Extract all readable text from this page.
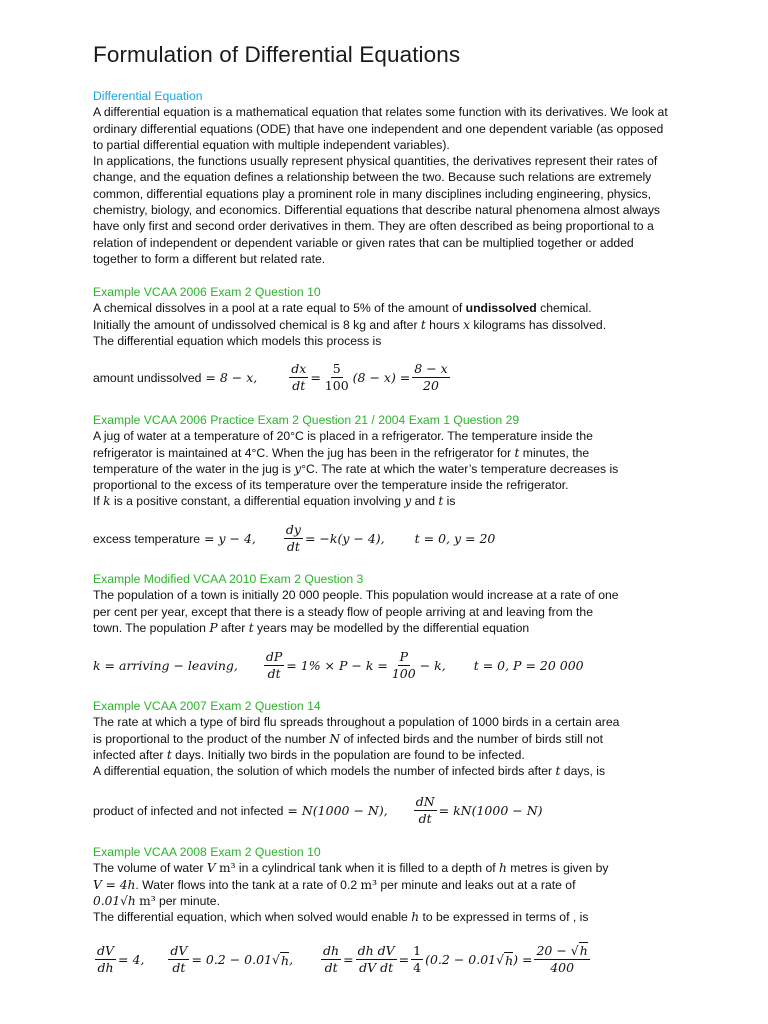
Formulation of Differential Equations

Differential Equation

A differential equation is a mathematical equation that relates some function with its derivatives. We look at ordinary differential equations (ODE) that have one independent and one dependent variable (as opposed to partial differential equation with multiple independent variables).

In applications, the functions usually represent physical quantities, the derivatives represent their rates of change, and the equation defines a relationship between the two. Because such relations are extremely common, differential equations play a prominent role in many disciplines including engineering, physics, chemistry, biology, and economics. Differential equations that describe natural phenomena almost always have only first and second order derivatives in them. They are often described as being proportional to a relation of independent or dependent variable or given rates that can be multiplied together or added together to form a different but related rate.

Example VCAA 2006 Exam 2 Question 10

A chemical dissolves in a pool at a rate equal to 5% of the amount of undissolved chemical.

Initially the amount of undissolved chemical is 8 kg and after t hours x kilograms has dissolved.

The differential equation which models this process is

amount undissolved = 8 − x,	$\frac{dx}{dt} = \frac{5}{100} (8 - x) = \frac{8 - x}{20}$

Example VCAA 2006 Practice Exam 2 Question 21 / 2004 Exam 1 Question 29

A jug of water at a temperature of 20°C is placed in a refrigerator. The temperature inside the

refrigerator is maintained at 4°C. When the jug has been in the refrigerator for t minutes, the

temperature of the water in the jug is y°C. The rate at which the water’s temperature decreases is

proportional to the excess of its temperature over the temperature inside the refrigerator.

If k is a positive constant, a differential equation involving y and t is

excess temperature = y − 4, $\frac{dy}{dt} = -k(y - 4)$, t = 0, y = 20

Example Modified VCAA 2010 Exam 2 Question 3

The population of a town is initially 20 000 people. This population would increase at a rate of one

per cent per year, except that there is a steady flow of people arriving at and leaving from the

town. The population P after t years may be modelled by the differential equation

k = arriving − leaving, $\frac{dP}{dt} = 1\% \times P - k = \frac{P}{100} - k$, t = 0, P = 20 000

Example VCAA 2007 Exam 2 Question 14

The rate at which a type of bird flu spreads throughout a population of 1000 birds in a certain area

is proportional to the product of the number N of infected birds and the number of birds still not

infected after t days. Initially two birds in the population are found to be infected.

A differential equation, the solution of which models the number of infected birds after t days, is

product of infected and not infected = N(1000 − N), $\frac{dN}{dt} = kN(1000 - N)$

Example VCAA 2008 Exam 2 Question 10

The volume of water V m³ in a cylindrical tank when it is filled to a depth of h metres is given by

V = 4h. Water flows into the tank at a rate of 0.2 m³ per minute and leaks out at a rate of

0.01√h m³ per minute.

The differential equation, which when solved would enable h to be expressed in terms of , is

$\frac{dV}{dh} = 4$, $\frac{dV}{dt} = 0.2 - 0.01$ √ h , $\frac{dh}{dt} = \frac{\text{dh dV}}{\text{dV dt}} = \frac{1}{4} (0.2 - 0.01$ √ h ) = $\frac{20 - √h}{400}$
